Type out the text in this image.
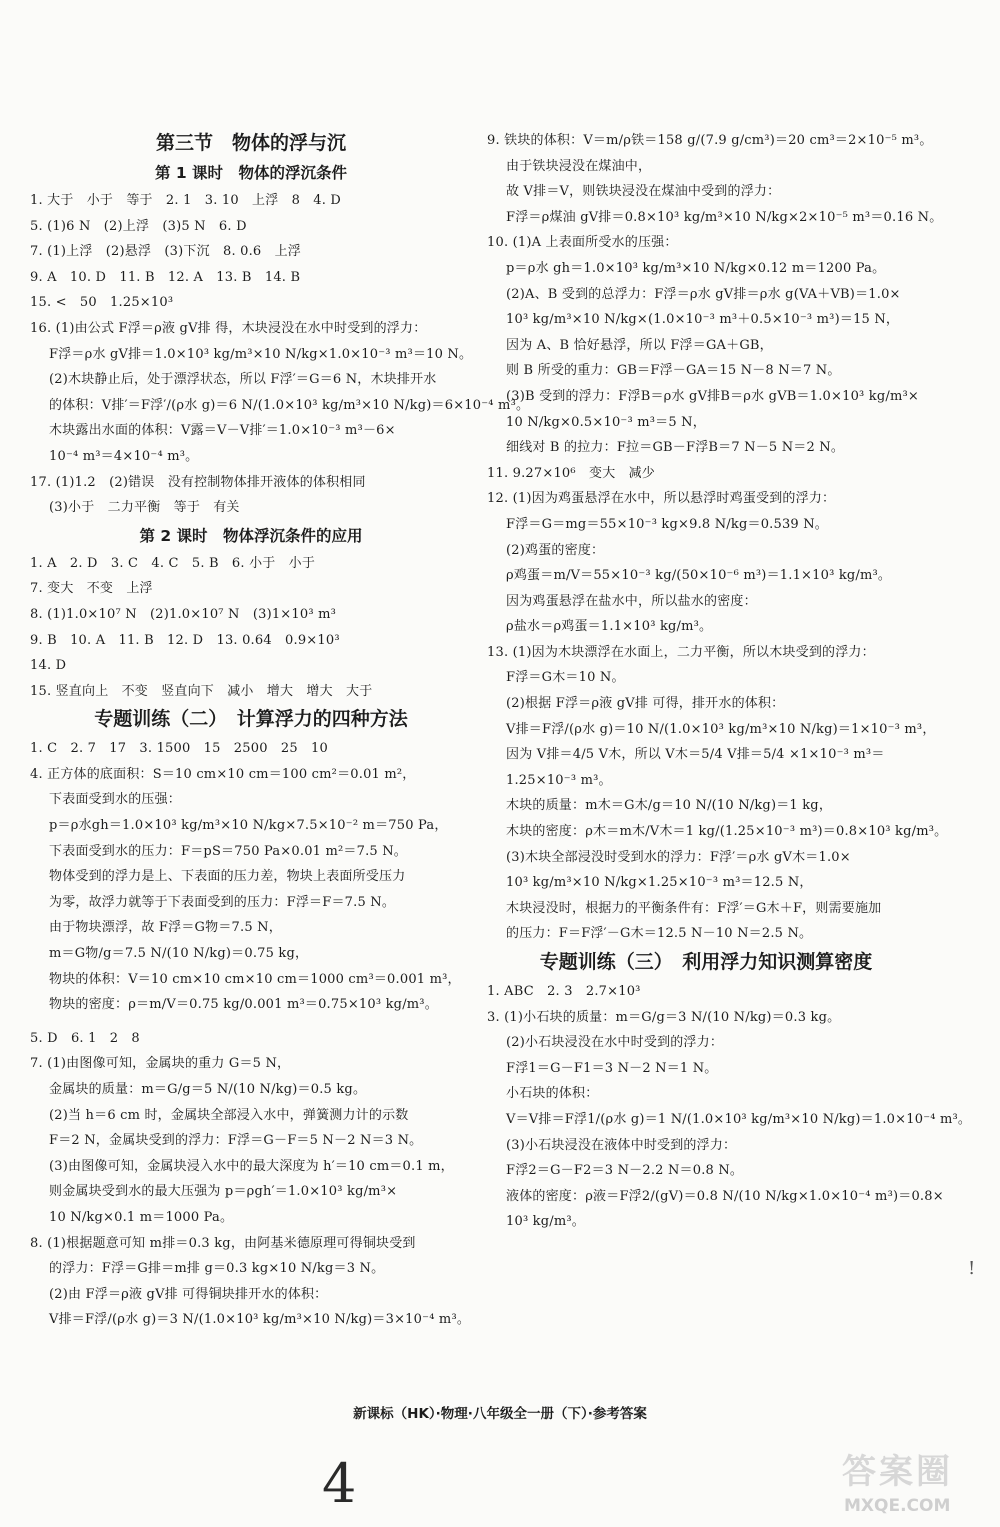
第三节　物体的浮与沉
第 1 课时　物体的浮沉条件
1. 大于　小于　等于　2. 1　3. 10　上浮　8　4. D
5. (1)6 N　(2)上浮　(3)5 N　6. D
7. (1)上浮　(2)悬浮　(3)下沉　8. 0.6　上浮
9. A　10. D　11. B　12. A　13. B　14. B
15. <　50　1.25×10³
16. (1)由公式 F浮＝ρ液 gV排 得，木块浸没在水中时受到的浮力：
F浮＝ρ水 gV排＝1.0×10³ kg/m³×10 N/kg×1.0×10⁻³ m³＝10 N。
(2)木块静止后，处于漂浮状态，所以 F浮′＝G＝6 N，木块排开水
的体积：V排′＝F浮′/(ρ水 g)＝6 N/(1.0×10³ kg/m³×10 N/kg)＝6×10⁻⁴ m³。
木块露出水面的体积：V露＝V－V排′＝1.0×10⁻³ m³－6×
10⁻⁴ m³＝4×10⁻⁴ m³。
17. (1)1.2　(2)错误　没有控制物体排开液体的体积相同
(3)小于　二力平衡　等于　有关
第 2 课时　物体浮沉条件的应用
1. A　2. D　3. C　4. C　5. B　6. 小于　小于
7. 变大　不变　上浮
8. (1)1.0×10⁷ N　(2)1.0×10⁷ N　(3)1×10³ m³
9. B　10. A　11. B　12. D　13. 0.64　0.9×10³
14. D
15. 竖直向上　不变　竖直向下　减小　增大　增大　大于
专题训练（二）　计算浮力的四种方法
1. C　2. 7　17　3. 1500　15　2500　25　10
4. 正方体的底面积：S＝10 cm×10 cm＝100 cm²＝0.01 m²，
下表面受到水的压强：
p＝ρ水gh＝1.0×10³ kg/m³×10 N/kg×7.5×10⁻² m＝750 Pa，
下表面受到水的压力：F＝pS＝750 Pa×0.01 m²＝7.5 N。
物体受到的浮力是上、下表面的压力差，物块上表面所受压力
为零，故浮力就等于下表面受到的压力：F浮＝F＝7.5 N。
由于物块漂浮，故 F浮＝G物＝7.5 N，
m＝G物/g＝7.5 N/(10 N/kg)＝0.75 kg，
物块的体积：V＝10 cm×10 cm×10 cm＝1000 cm³＝0.001 m³，
物块的密度：ρ＝m/V＝0.75 kg/0.001 m³＝0.75×10³ kg/m³。
5. D　6. 1　2　8
7. (1)由图像可知，金属块的重力 G＝5 N，
金属块的质量：m＝G/g＝5 N/(10 N/kg)＝0.5 kg。
(2)当 h＝6 cm 时，金属块全部浸入水中，弹簧测力计的示数
F＝2 N，金属块受到的浮力：F浮＝G－F＝5 N－2 N＝3 N。
(3)由图像可知，金属块浸入水中的最大深度为 h′＝10 cm＝0.1 m，
则金属块受到水的最大压强为 p＝ρgh′＝1.0×10³ kg/m³×
10 N/kg×0.1 m＝1000 Pa。
8. (1)根据题意可知 m排＝0.3 kg，由阿基米德原理可得铜块受到
的浮力：F浮＝G排＝m排 g＝0.3 kg×10 N/kg＝3 N。
(2)由 F浮＝ρ液 gV排 可得铜块排开水的体积：
V排＝F浮/(ρ水 g)＝3 N/(1.0×10³ kg/m³×10 N/kg)＝3×10⁻⁴ m³。
9. 铁块的体积：V＝m/ρ铁＝158 g/(7.9 g/cm³)＝20 cm³＝2×10⁻⁵ m³。
由于铁块浸没在煤油中，
故 V排＝V，则铁块浸没在煤油中受到的浮力：
F浮＝ρ煤油 gV排＝0.8×10³ kg/m³×10 N/kg×2×10⁻⁵ m³＝0.16 N。
10. (1)A 上表面所受水的压强：
p＝ρ水 gh＝1.0×10³ kg/m³×10 N/kg×0.12 m＝1200 Pa。
(2)A、B 受到的总浮力：F浮＝ρ水 gV排＝ρ水 g(VA＋VB)＝1.0×
10³ kg/m³×10 N/kg×(1.0×10⁻³ m³＋0.5×10⁻³ m³)＝15 N，
因为 A、B 恰好悬浮，所以 F浮＝GA＋GB，
则 B 所受的重力：GB＝F浮－GA＝15 N－8 N＝7 N。
(3)B 受到的浮力：F浮B＝ρ水 gV排B＝ρ水 gVB＝1.0×10³ kg/m³×
10 N/kg×0.5×10⁻³ m³＝5 N，
细线对 B 的拉力：F拉＝GB－F浮B＝7 N－5 N＝2 N。
11. 9.27×10⁶　变大　减少
12. (1)因为鸡蛋悬浮在水中，所以悬浮时鸡蛋受到的浮力：
F浮＝G＝mg＝55×10⁻³ kg×9.8 N/kg＝0.539 N。
(2)鸡蛋的密度：
ρ鸡蛋＝m/V＝55×10⁻³ kg/(50×10⁻⁶ m³)＝1.1×10³ kg/m³。
因为鸡蛋悬浮在盐水中，所以盐水的密度：
ρ盐水＝ρ鸡蛋＝1.1×10³ kg/m³。
13. (1)因为木块漂浮在水面上，二力平衡，所以木块受到的浮力：
F浮＝G木＝10 N。
(2)根据 F浮＝ρ液 gV排 可得，排开水的体积：
V排＝F浮/(ρ水 g)＝10 N/(1.0×10³ kg/m³×10 N/kg)＝1×10⁻³ m³，
因为 V排＝4/5 V木，所以 V木＝5/4 V排＝5/4 ×1×10⁻³ m³＝
1.25×10⁻³ m³。
木块的质量：m木＝G木/g＝10 N/(10 N/kg)＝1 kg，
木块的密度：ρ木＝m木/V木＝1 kg/(1.25×10⁻³ m³)＝0.8×10³ kg/m³。
(3)木块全部浸没时受到水的浮力：F浮′＝ρ水 gV木＝1.0×
10³ kg/m³×10 N/kg×1.25×10⁻³ m³＝12.5 N，
木块浸没时，根据力的平衡条件有：F浮′＝G木＋F，则需要施加
的压力：F＝F浮′－G木＝12.5 N－10 N＝2.5 N。
专题训练（三）　利用浮力知识测算密度
1. ABC　2. 3　2.7×10³
3. (1)小石块的质量：m＝G/g＝3 N/(10 N/kg)＝0.3 kg。
(2)小石块浸没在水中时受到的浮力：
F浮1＝G－F1＝3 N－2 N＝1 N。
小石块的体积：
V＝V排＝F浮1/(ρ水 g)＝1 N/(1.0×10³ kg/m³×10 N/kg)＝1.0×10⁻⁴ m³。
(3)小石块浸没在液体中时受到的浮力：
F浮2＝G－F2＝3 N－2.2 N＝0.8 N。
液体的密度：ρ液＝F浮2/(gV)＝0.8 N/(10 N/kg×1.0×10⁻⁴ m³)＝0.8×
10³ kg/m³。
新课标（HK）·物理·八年级全一册（下）·参考答案
4
!
答案圈
MXQE.COM
